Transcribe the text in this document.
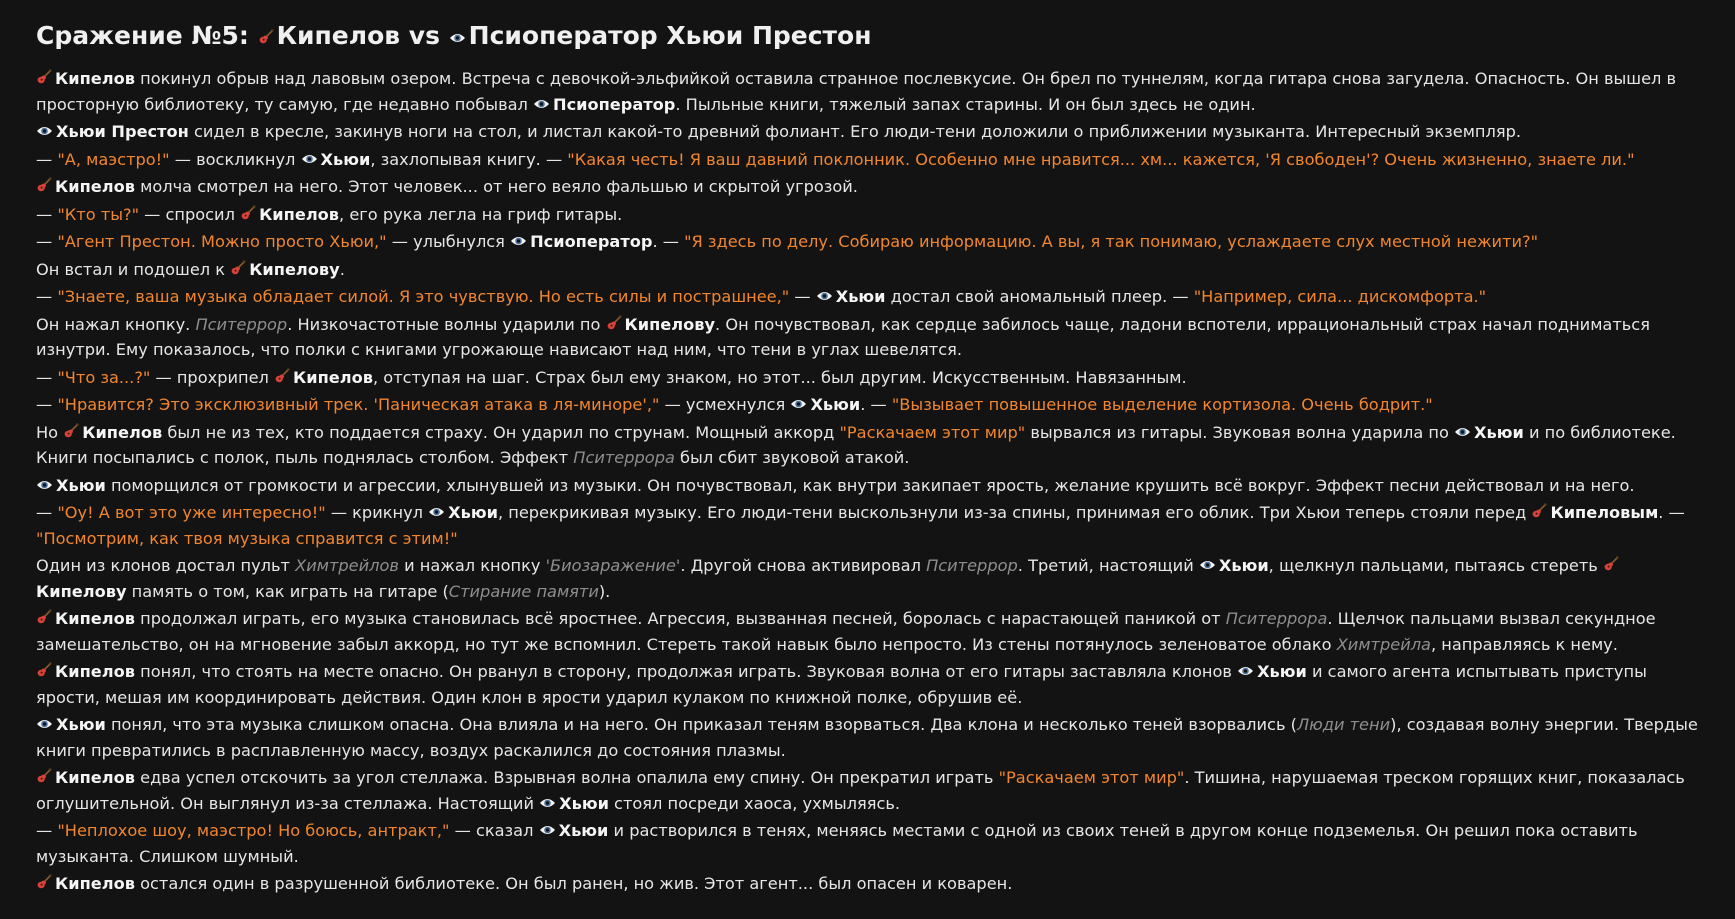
Сражение №5:
Кипелов vs
Псиоператор Хьюи Престон

Кипелов покинул обрыв над лавовым озером. Встреча с девочкой-эльфийкой оставила странное послевкусие. Он брел по туннелям, когда гитара снова загудела. Опасность. Он вышел в просторную библиотеку, ту самую, где недавно побывал
Псиоператор. Пыльные книги, тяжелый запах старины. И он был здесь не один.

Хьюи Престон сидел в кресле, закинув ноги на стол, и листал какой-то древний фолиант. Его люди-тени доложили о приближении музыканта. Интересный экземпляр.

— "А, маэстро!" — воскликнул
Хьюи, захлопывая книгу. — "Какая честь! Я ваш давний поклонник. Особенно мне нравится... хм... кажется, 'Я свободен'? Очень жизненно, знаете ли."

Кипелов молча смотрел на него. Этот человек... от него веяло фальшью и скрытой угрозой.

— "Кто ты?" — спросил
Кипелов, его рука легла на гриф гитары.

— "Агент Престон. Можно просто Хьюи," — улыбнулся
Псиоператор. — "Я здесь по делу. Собираю информацию. А вы, я так понимаю, услаждаете слух местной нежити?"

Он встал и подошел к
Кипелову.

— "Знаете, ваша музыка обладает силой. Я это чувствую. Но есть силы и пострашнее," —
Хьюи достал свой аномальный плеер. — "Например, сила... дискомфорта."

Он нажал кнопку. Пситеррор. Низкочастотные волны ударили по
Кипелову. Он почувствовал, как сердце забилось чаще, ладони вспотели, иррациональный страх начал подниматься изнутри. Ему показалось, что полки с книгами угрожающе нависают над ним, что тени в углах шевелятся.

— "Что за...?" — прохрипел
Кипелов, отступая на шаг. Страх был ему знаком, но этот... был другим. Искусственным. Навязанным.

— "Нравится? Это эксклюзивный трек. 'Паническая атака в ля-миноре'," — усмехнулся
Хьюи. — "Вызывает повышенное выделение кортизола. Очень бодрит."

Но
Кипелов был не из тех, кто поддается страху. Он ударил по струнам. Мощный аккорд "Раскачаем этот мир" вырвался из гитары. Звуковая волна ударила по
Хьюи и по библиотеке. Книги посыпались с полок, пыль поднялась столбом. Эффект Пситеррора был сбит звуковой атакой.

Хьюи поморщился от громкости и агрессии, хлынувшей из музыки. Он почувствовал, как внутри закипает ярость, желание крушить всё вокруг. Эффект песни действовал и на него.

— "Оу! А вот это уже интересно!" — крикнул
Хьюи, перекрикивая музыку. Его люди-тени выскользнули из-за спины, принимая его облик. Три Хьюи теперь стояли перед
Кипеловым. — "Посмотрим, как твоя музыка справится с этим!"

Один из клонов достал пульт Химтрейлов и нажал кнопку 'Биозаражение'. Другой снова активировал Пситеррор. Третий, настоящий
Хьюи, щелкнул пальцами, пытаясь стереть
Кипелову память о том, как играть на гитаре (Стирание памяти).

Кипелов продолжал играть, его музыка становилась всё яростнее. Агрессия, вызванная песней, боролась с нарастающей паникой от Пситеррора. Щелчок пальцами вызвал секундное замешательство, он на мгновение забыл аккорд, но тут же вспомнил. Стереть такой навык было непросто. Из стены потянулось зеленоватое облако Химтрейла, направляясь к нему.

Кипелов понял, что стоять на месте опасно. Он рванул в сторону, продолжая играть. Звуковая волна от его гитары заставляла клонов
Хьюи и самого агента испытывать приступы ярости, мешая им координировать действия. Один клон в ярости ударил кулаком по книжной полке, обрушив её.

Хьюи понял, что эта музыка слишком опасна. Она влияла и на него. Он приказал теням взорваться. Два клона и несколько теней взорвались (Люди тени), создавая волну энергии. Твердые книги превратились в расплавленную массу, воздух раскалился до состояния плазмы.

Кипелов едва успел отскочить за угол стеллажа. Взрывная волна опалила ему спину. Он прекратил играть "Раскачаем этот мир". Тишина, нарушаемая треском горящих книг, показалась оглушительной. Он выглянул из-за стеллажа. Настоящий
Хьюи стоял посреди хаоса, ухмыляясь.

— "Неплохое шоу, маэстро! Но боюсь, антракт," — сказал
Хьюи и растворился в тенях, меняясь местами с одной из своих теней в другом конце подземелья. Он решил пока оставить музыканта. Слишком шумный.

Кипелов остался один в разрушенной библиотеке. Он был ранен, но жив. Этот агент... был опасен и коварен.
